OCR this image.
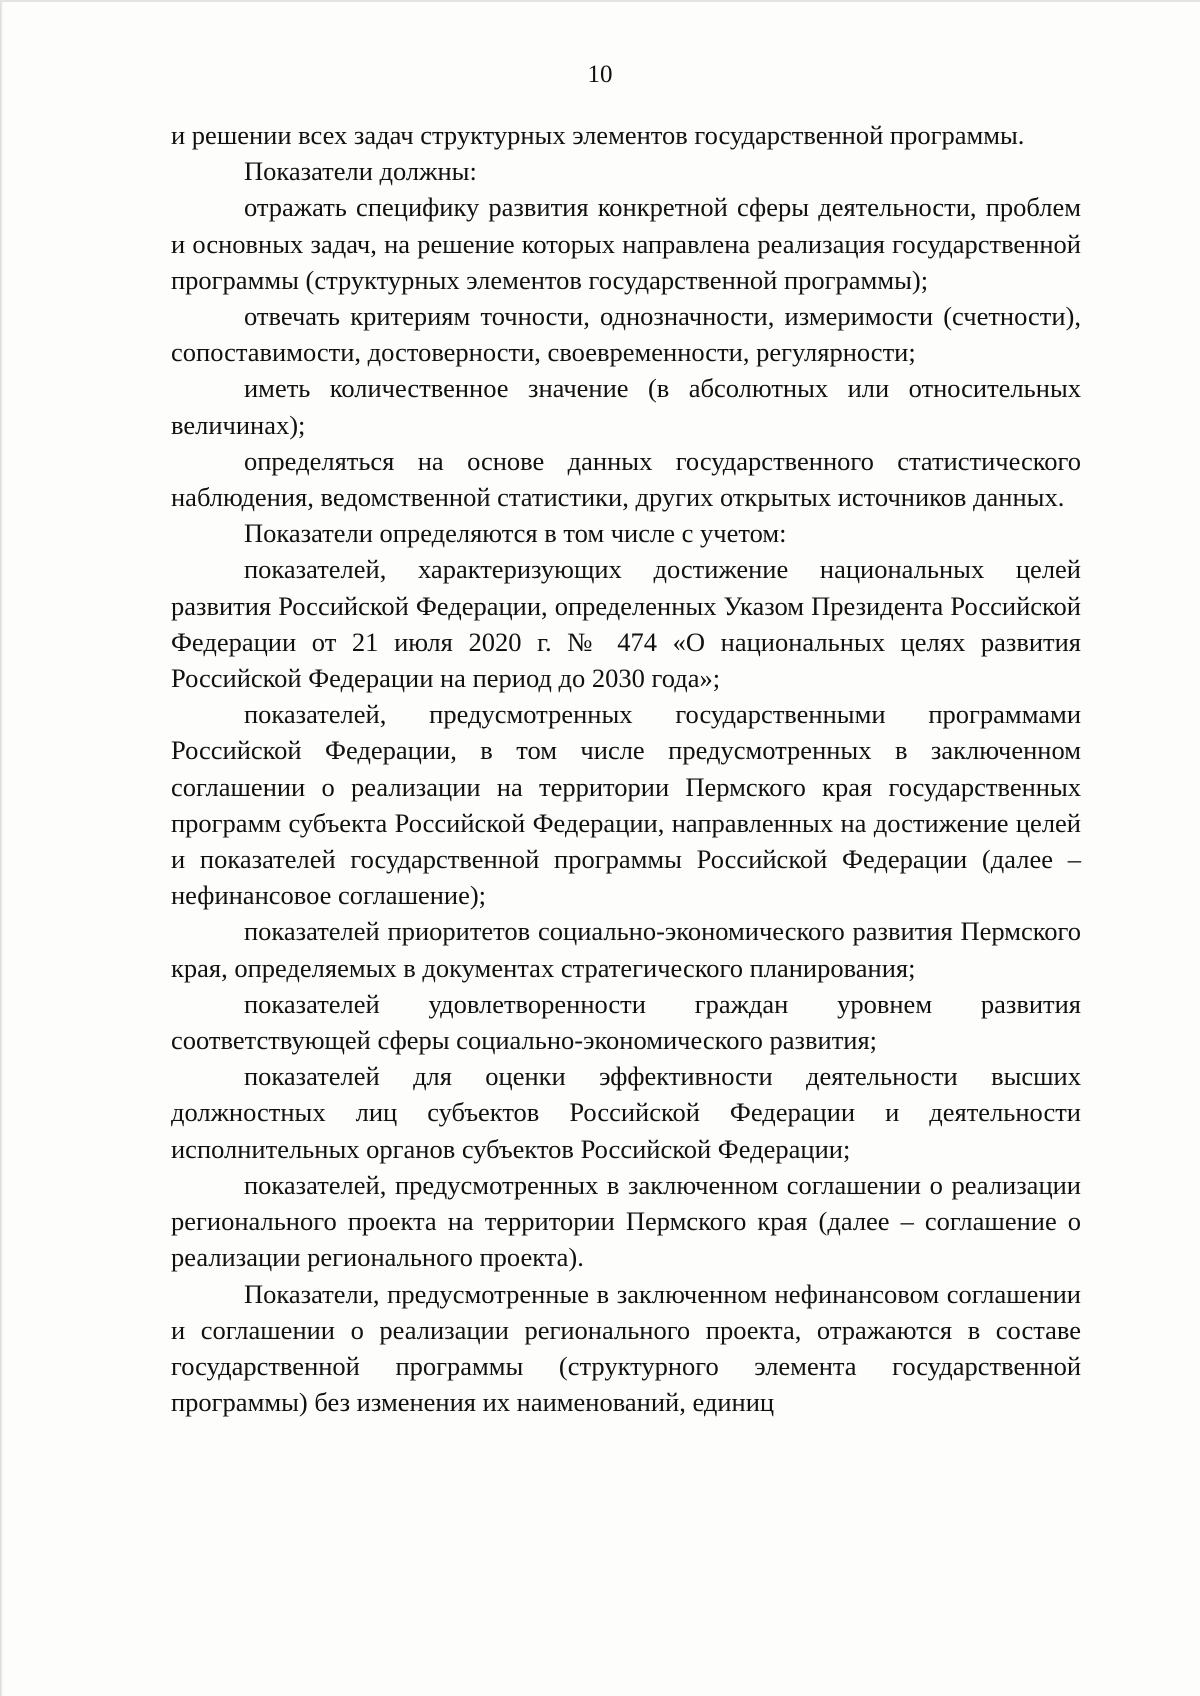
10

и решении всех задач структурных элементов государственной программы.

Показатели должны:

отражать специфику развития конкретной сферы деятельности, проблем и основных задач, на решение которых направлена реализация государственной программы (структурных элементов государственной программы);

отвечать критериям точности, однозначности, измеримости (счетности), сопоставимости, достоверности, своевременности, регулярности;

иметь количественное значение (в абсолютных или относительных величинах);

определяться на основе данных государственного статистического наблюдения, ведомственной статистики, других открытых источников данных.

Показатели определяются в том числе с учетом:

показателей, характеризующих достижение национальных целей развития Российской Федерации, определенных Указом Президента Российской Федерации от 21 июля 2020 г. № 474 «О национальных целях развития Российской Федерации на период до 2030 года»;

показателей, предусмотренных государственными программами Российской Федерации, в том числе предусмотренных в заключенном соглашении о реализации на территории Пермского края государственных программ субъекта Российской Федерации, направленных на достижение целей и показателей государственной программы Российской Федерации (далее – нефинансовое соглашение);

показателей приоритетов социально-экономического развития Пермского края, определяемых в документах стратегического планирования;

показателей удовлетворенности граждан уровнем развития соответствующей сферы социально-экономического развития;

показателей для оценки эффективности деятельности высших должностных лиц субъектов Российской Федерации и деятельности исполнительных органов субъектов Российской Федерации;

показателей, предусмотренных в заключенном соглашении о реализации регионального проекта на территории Пермского края (далее – соглашение о реализации регионального проекта).

Показатели, предусмотренные в заключенном нефинансовом соглашении и соглашении о реализации регионального проекта, отражаются в составе государственной программы (структурного элемента государственной программы) без изменения их наименований, единиц
